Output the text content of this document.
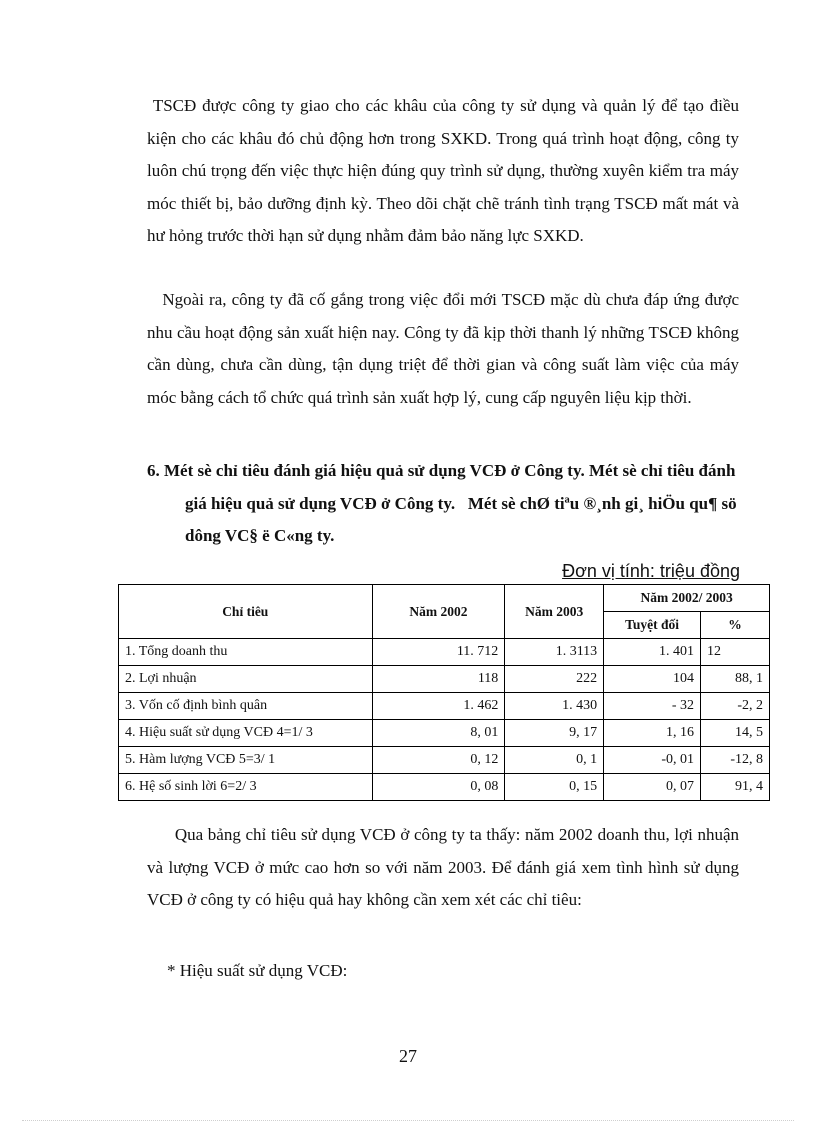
TSCĐ được công ty giao cho các khâu của công ty sử dụng và quản lý để tạo điều kiện cho các khâu đó chủ động hơn trong SXKD. Trong quá trình hoạt động, công ty luôn chú trọng đến việc thực hiện đúng quy trình sử dụng, thường xuyên kiểm tra máy móc thiết bị, bảo dưỡng định kỳ. Theo dõi chặt chẽ tránh tình trạng TSCĐ mất mát và hư hỏng trước thời hạn sử dụng nhằm đảm bảo năng lực SXKD.

Ngoài ra, công ty đã cố gắng trong việc đổi mới TSCĐ mặc dù chưa đáp ứng được nhu cầu hoạt động sản xuất hiện nay. Công ty đã kịp thời thanh lý những TSCĐ không cần dùng, chưa cần dùng, tận dụng triệt để thời gian và công suất làm việc của máy móc bằng cách tổ chức quá trình sản xuất hợp lý, cung cấp nguyên liệu kịp thời.

6. Mét sè chỉ tiêu đánh giá hiệu quả sử dụng VCĐ ở Công ty. Mét sè chỉ tiêu đánh giá hiệu quả sử dụng VCĐ ở Công ty.   Mét sè chØ tiªu ®¸nh gi¸ hiÖu qu¶ sö dông VC§ ë C«ng ty.

Đơn vị tính: triệu đồng
Chỉ tiêu	Năm 2002	Năm 2003	Năm 2002/ 2003	
			Tuyệt đối	%
1. Tổng doanh thu	11. 712	1. 3113	1. 401	12
2. Lợi nhuận	118	222	104	88, 1
3. Vốn cố định bình quân	1. 462	1. 430	- 32	-2, 2
4. Hiệu suất sử dụng VCĐ 4=1/ 3	8, 01	9, 17	1, 16	14, 5
5. Hàm lượng VCĐ 5=3/ 1	0, 12	0, 1	-0, 01	-12, 8
6. Hệ số sinh lời 6=2/ 3	0, 08	0, 15	0, 07	91, 4

Qua bảng chỉ tiêu sử dụng VCĐ ở công ty ta thấy: năm 2002 doanh thu, lợi nhuận và lượng VCĐ ở mức cao hơn so với năm 2003. Để đánh giá xem tình hình sử dụng VCĐ ở công ty có hiệu quả hay không cần xem xét các chỉ tiêu:

* Hiệu suất sử dụng VCĐ:

27
